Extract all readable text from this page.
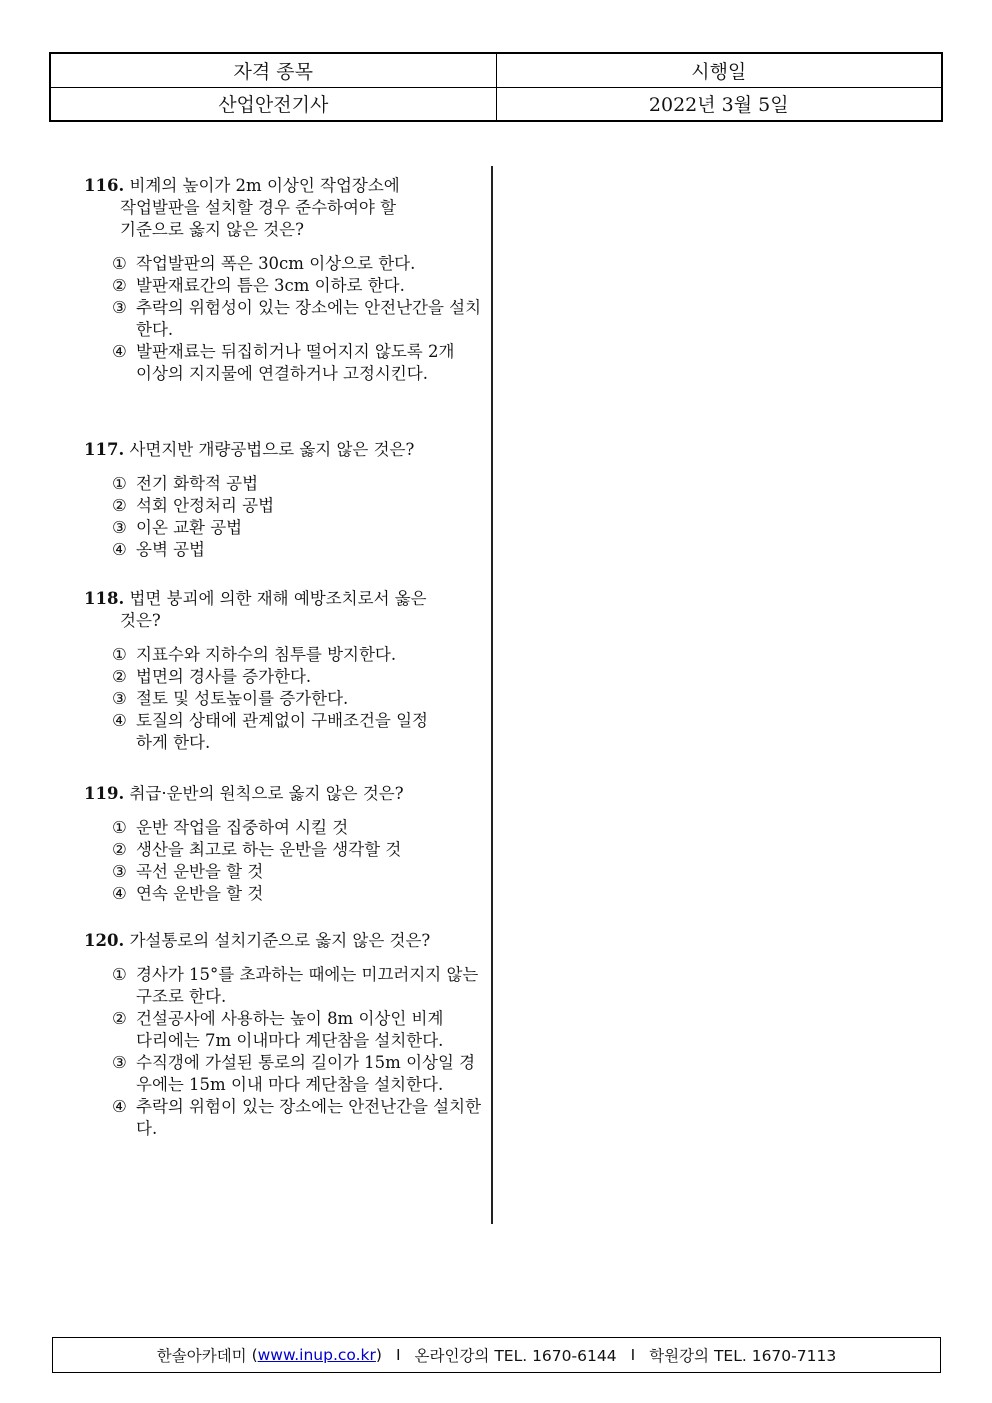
자격 종목	시행일
산업안전기사	2022년 3월 5일

116. 비계의 높이가 2m 이상인 작업장소에
작업발판을 설치할 경우 준수하여야 할
기준으로 옳지 않은 것은?

① 작업발판의 폭은 30cm 이상으로 한다.
② 발판재료간의 틈은 3cm 이하로 한다.
③ 추락의 위험성이 있는 장소에는 안전난간을 설치한다.
④ 발판재료는 뒤집히거나 떨어지지 않도록 2개 이상의 지지물에 연결하거나 고정시킨다.

117. 사면지반 개량공법으로 옳지 않은 것은?

① 전기 화학적 공법
② 석회 안정처리 공법
③ 이온 교환 공법
④ 옹벽 공법

118. 법면 붕괴에 의한 재해 예방조치로서 옳은
것은?

① 지표수와 지하수의 침투를 방지한다.
② 법면의 경사를 증가한다.
③ 절토 및 성토높이를 증가한다.
④ 토질의 상태에 관계없이 구배조건을 일정하게 한다.

119. 취급·운반의 원칙으로 옳지 않은 것은?

① 운반 작업을 집중하여 시킬 것
② 생산을 최고로 하는 운반을 생각할 것
③ 곡선 운반을 할 것
④ 연속 운반을 할 것

120. 가설통로의 설치기준으로 옳지 않은 것은?

① 경사가 15°를 초과하는 때에는 미끄러지지 않는 구조로 한다.
② 건설공사에 사용하는 높이 8m 이상인 비계다리에는 7m 이내마다 계단참을 설치한다.
③ 수직갱에 가설된 통로의 길이가 15m 이상일 경우에는 15m 이내 마다 계단참을 설치한다.
④ 추락의 위험이 있는 장소에는 안전난간을 설치한다.
한솔아카데미 ( www.inup.co.kr ) I 온라인강의 TEL. 1670-6144 I 학원강의 TEL. 1670-7113
